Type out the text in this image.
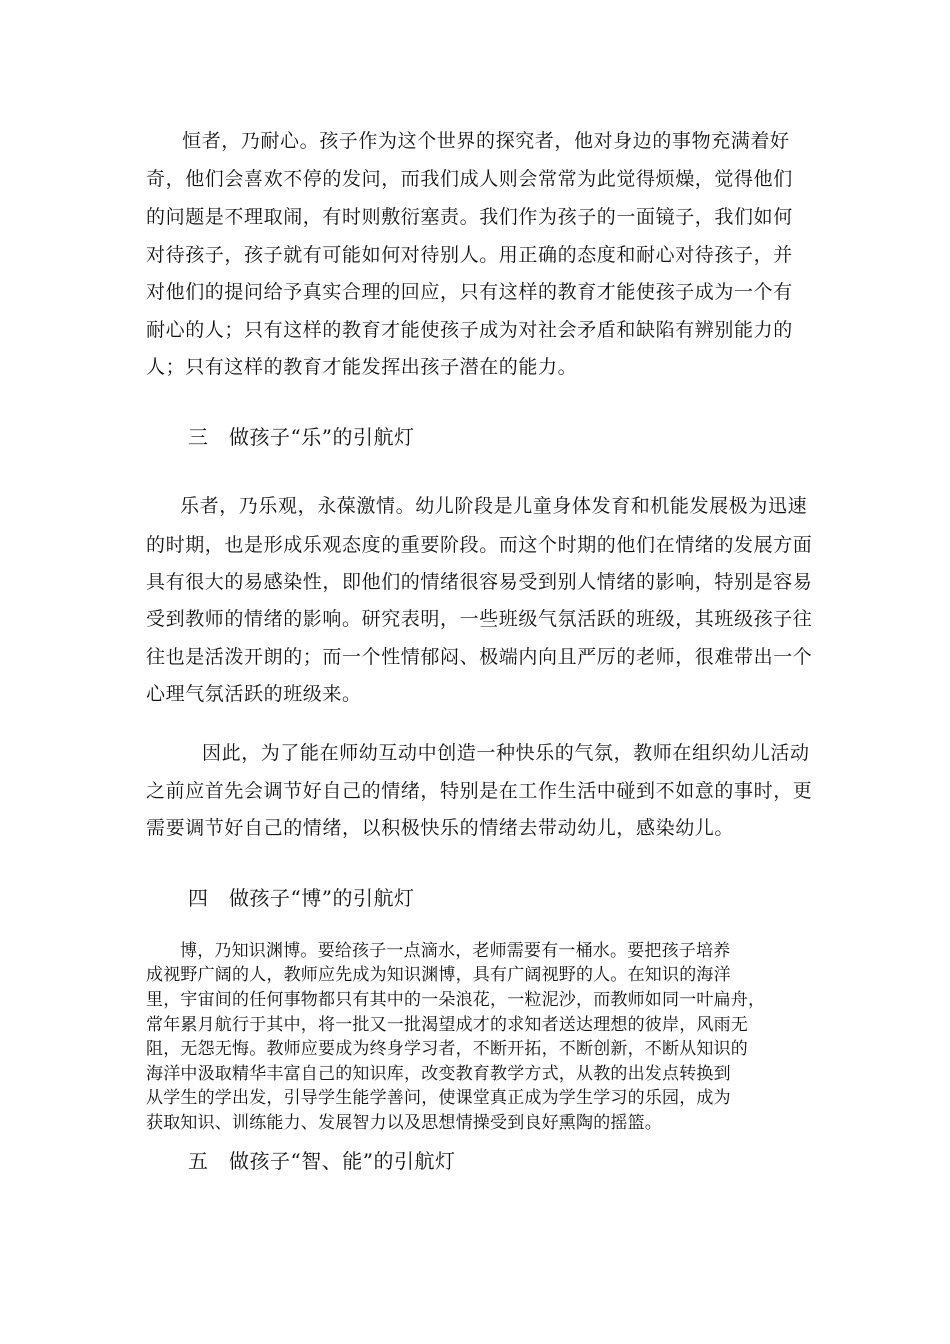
恒者，乃耐心。孩子作为这个世界的探究者，他对身边的事物充满着好

奇，他们会喜欢不停的发问，而我们成人则会常常为此觉得烦燥，觉得他们

的问题是不理取闹，有时则敷衍塞责。我们作为孩子的一面镜子，我们如何

对待孩子，孩子就有可能如何对待别人。用正确的态度和耐心对待孩子，并

对他们的提问给予真实合理的回应，只有这样的教育才能使孩子成为一个有

耐心的人；只有这样的教育才能使孩子成为对社会矛盾和缺陷有辨别能力的

人；只有这样的教育才能发挥出孩子潜在的能力。

三　做孩子“乐”的引航灯

乐者，乃乐观，永葆激情。幼儿阶段是儿童身体发育和机能发展极为迅速

的时期，也是形成乐观态度的重要阶段。而这个时期的他们在情绪的发展方面

具有很大的易感染性，即他们的情绪很容易受到别人情绪的影响，特别是容易

受到教师的情绪的影响。研究表明，一些班级气氛活跃的班级，其班级孩子往

往也是活泼开朗的；而一个性情郁闷、极端内向且严厉的老师，很难带出一个

心理气氛活跃的班级来。

因此，为了能在师幼互动中创造一种快乐的气氛，教师在组织幼儿活动

之前应首先会调节好自己的情绪，特别是在工作生活中碰到不如意的事时，更

需要调节好自己的情绪，以积极快乐的情绪去带动幼儿，感染幼儿。

四　做孩子“博”的引航灯

博，乃知识渊博。要给孩子一点滴水，老师需要有一桶水。要把孩子培养

成视野广阔的人，教师应先成为知识渊博，具有广阔视野的人。在知识的海洋

里，宇宙间的任何事物都只有其中的一朵浪花，一粒泥沙，而教师如同一叶扁舟，

常年累月航行于其中，将一批又一批渴望成才的求知者送达理想的彼岸，风雨无

阻，无怨无悔。教师应要成为终身学习者，不断开拓，不断创新，不断从知识的

海洋中汲取精华丰富自己的知识库，改变教育教学方式，从教的出发点转换到

从学生的学出发，引导学生能学善问，使课堂真正成为学生学习的乐园，成为

获取知识、训练能力、发展智力以及思想情操受到良好熏陶的摇篮。

五　做孩子“智、能”的引航灯
